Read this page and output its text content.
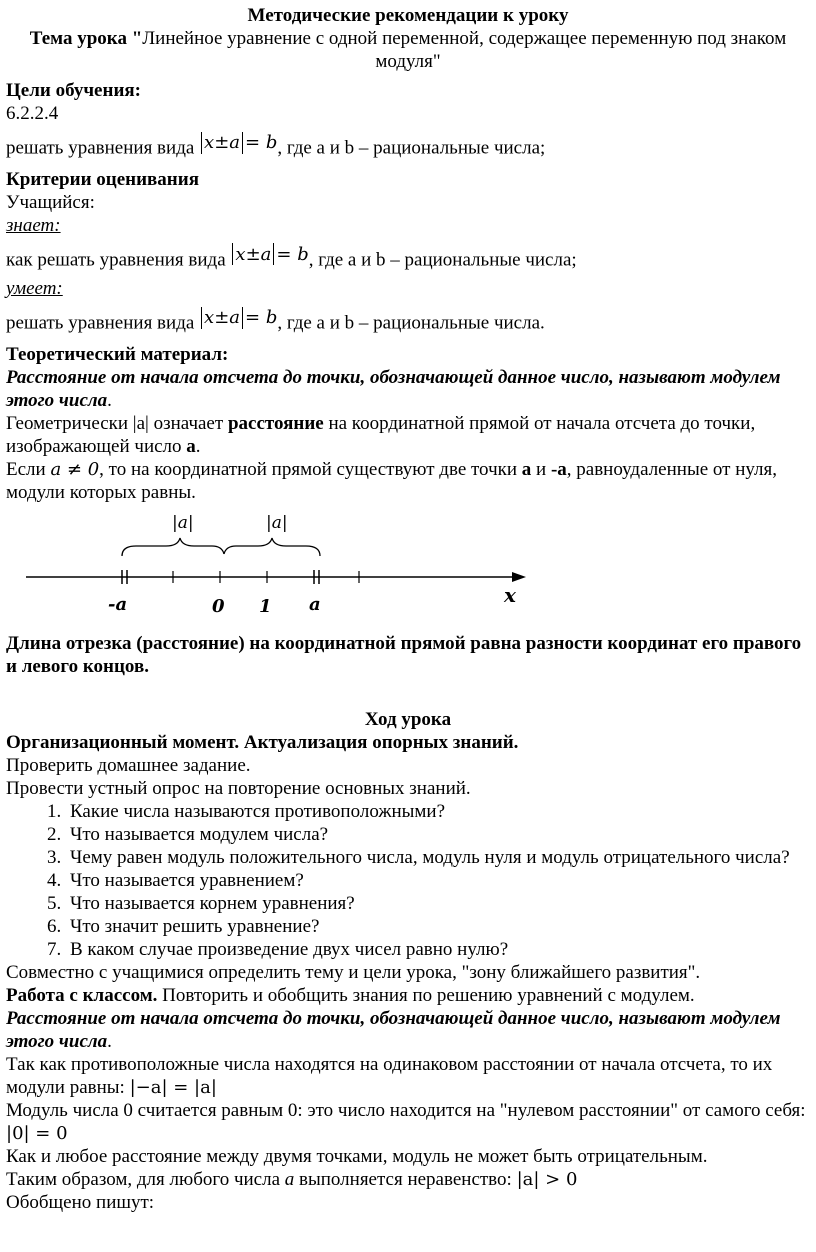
Методические рекомендации к уроку

Тема урока "Линейное уравнение с одной переменной, содержащее переменную под знаком модуля"

Цели обучения:

6.2.2.4

решать уравнения вида x ± a = b , где а и b – рациональные числа;

Критерии оценивания

Учащийся:

знает:

как решать уравнения вида x ± a = b , где а и b – рациональные числа;

умеет:

решать уравнения вида x ± a = b , где а и b – рациональные числа.

Теоретический материал:

Расстояние от начала отсчета до точки, обозначающей данное число, называют модулем этого числа.

Геометрически |a| означает расстояние на координатной прямой от начала отсчета до точки, изображающей число а.

Если a ≠ 0, то на координатной прямой существуют две точки а и -а, равноудаленные от нуля, модули которых равны.

|a|	|a|
-a	0 1 a	x

Длина отрезка (расстояние) на координатной прямой равна разности координат его правого и левого концов.

Ход урока

Организационный момент. Актуализация опорных знаний.

Проверить домашнее задание.

Провести устный опрос на повторение основных знаний.

1. Какие числа называются противоположными?
2. Что называется модулем числа?
3. Чему равен модуль положительного числа, модуль нуля и модуль отрицательного числа?
4. Что называется уравнением?
5. Что называется корнем уравнения?
6. Что значит решить уравнение?
7. В каком случае произведение двух чисел равно нулю?

Совместно с учащимися определить тему и цели урока, "зону ближайшего развития".

Работа с классом. Повторить и обобщить знания по решению уравнений с модулем.

Расстояние от начала отсчета до точки, обозначающей данное число, называют модулем этого числа.

Так как противоположные числа находятся на одинаковом расстоянии от начала отсчета, то их модули равны: |−a| = |a|

Модуль числа 0 считается равным 0: это число находится на "нулевом расстоянии" от самого себя: |0| = 0

Как и любое расстояние между двумя точками, модуль не может быть отрицательным.

Таким образом, для любого числа a выполняется неравенство: |a| > 0

Обобщено пишут:
